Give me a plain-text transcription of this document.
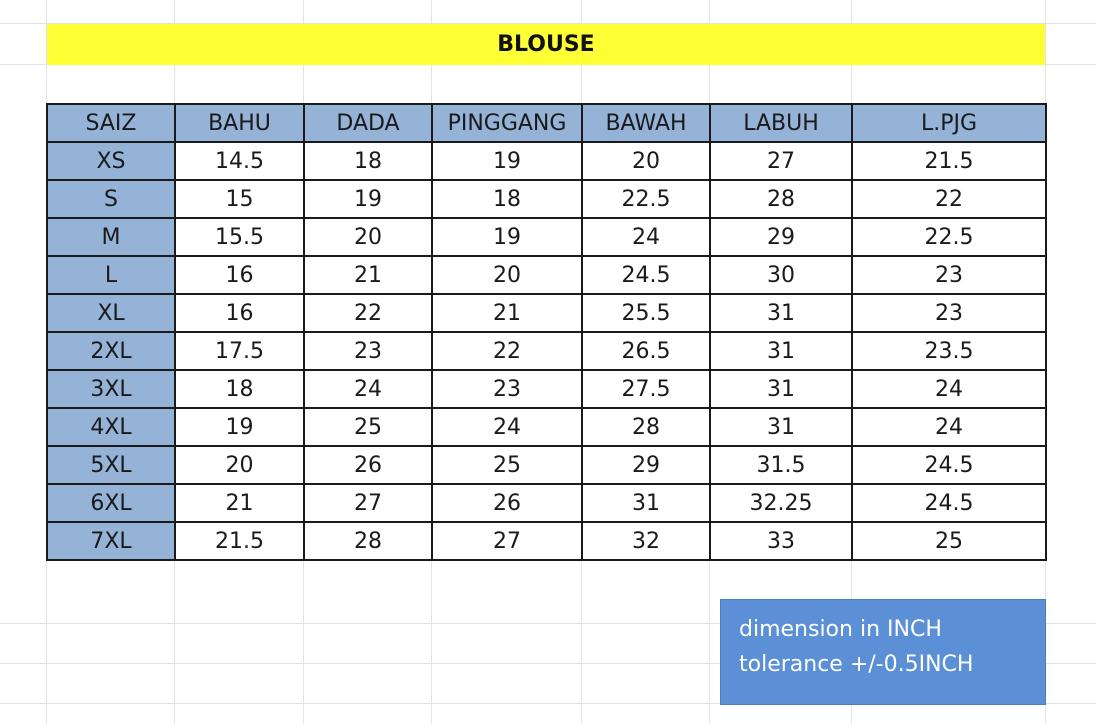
BLOUSE
SAIZ	BAHU	DADA	PINGGANG	BAWAH	LABUH	L.PJG
XS	14.5	18	19	20	27	21.5
S	15	19	18	22.5	28	22
M	15.5	20	19	24	29	22.5
L	16	21	20	24.5	30	23
XL	16	22	21	25.5	31	23
2XL	17.5	23	22	26.5	31	23.5
3XL	18	24	23	27.5	31	24
4XL	19	25	24	28	31	24
5XL	20	26	25	29	31.5	24.5
6XL	21	27	26	31	32.25	24.5
7XL	21.5	28	27	32	33	25
dimension in INCH
tolerance +/-0.5INCH
